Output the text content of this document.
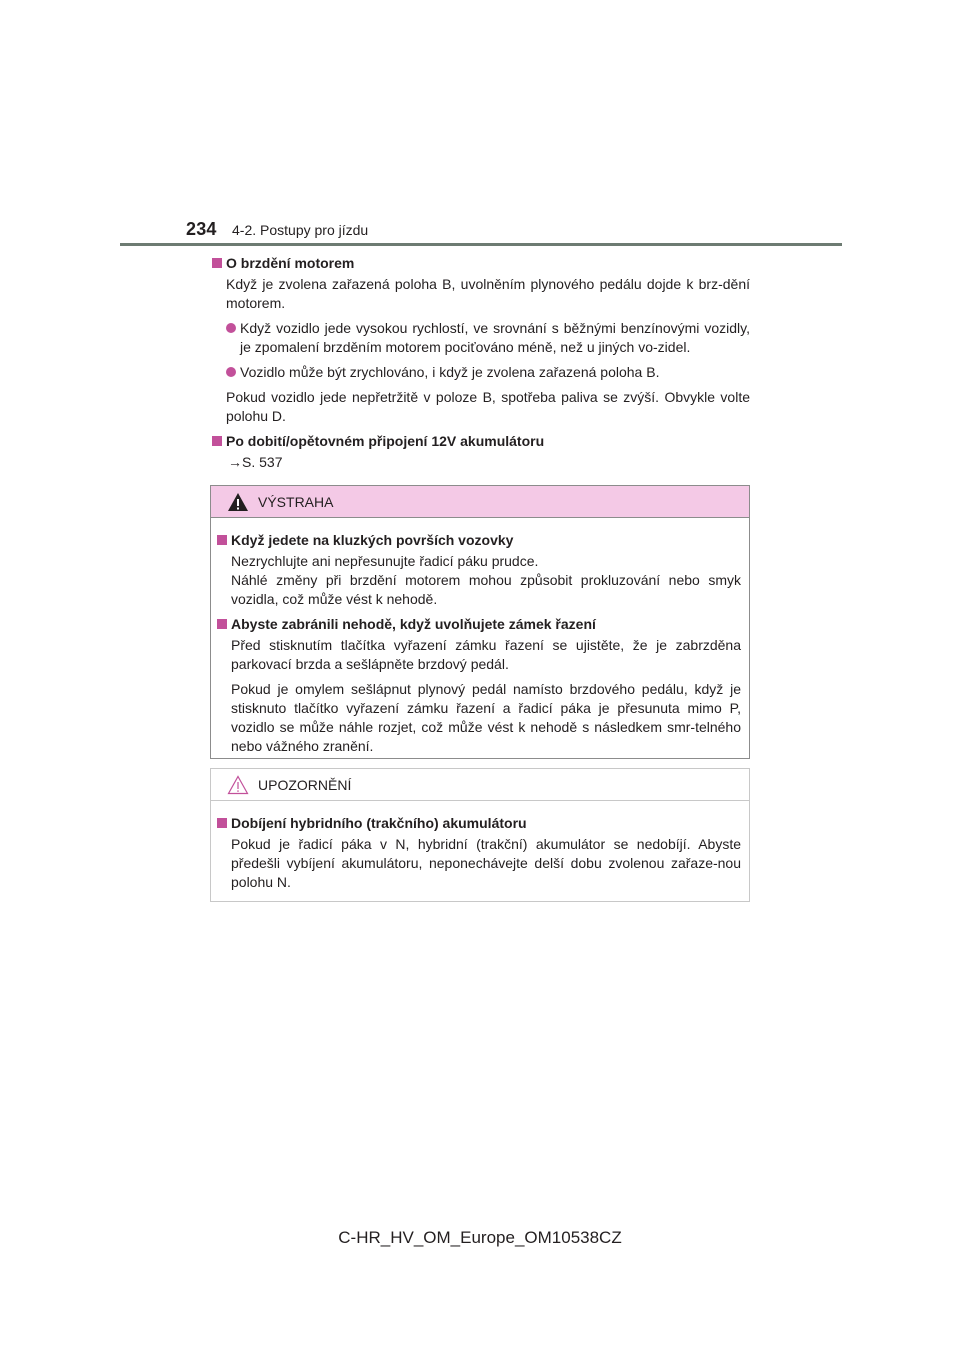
234 4-2. Postupy pro jízdu
O brzdění motorem
Když je zvolena zařazená poloha B, uvolněním plynového pedálu dojde k brz-dění motorem.
Když vozidlo jede vysokou rychlostí, ve srovnání s běžnými benzínovými vozidly, je zpomalení brzděním motorem pociťováno méně, než u jiných vo-zidel.
Vozidlo může být zrychlováno, i když je zvolena zařazená poloha B.
Pokud vozidlo jede nepřetržitě v poloze B, spotřeba paliva se zvýší. Obvykle volte polohu D.
Po dobití/opětovném připojení 12V akumulátoru
→S. 537
VÝSTRAHA
Když jedete na kluzkých površích vozovky
Nezrychlujte ani nepřesunujte řadicí páku prudce.
Náhlé změny při brzdění motorem mohou způsobit prokluzování nebo smyk vozidla, což může vést k nehodě.
Abyste zabránili nehodě, když uvolňujete zámek řazení
Před stisknutím tlačítka vyřazení zámku řazení se ujistěte, že je zabrzděna parkovací brzda a sešlápněte brzdový pedál.
Pokud je omylem sešlápnut plynový pedál namísto brzdového pedálu, když je stisknuto tlačítko vyřazení zámku řazení a řadicí páka je přesunuta mimo P, vozidlo se může náhle rozjet, což může vést k nehodě s následkem smr-telného nebo vážného zranění.
UPOZORNĚNÍ
Dobíjení hybridního (trakčního) akumulátoru
Pokud je řadicí páka v N, hybridní (trakční) akumulátor se nedobíjí. Abyste předešli vybíjení akumulátoru, neponechávejte delší dobu zvolenou zařaze-nou polohu N.
C-HR_HV_OM_Europe_OM10538CZ
